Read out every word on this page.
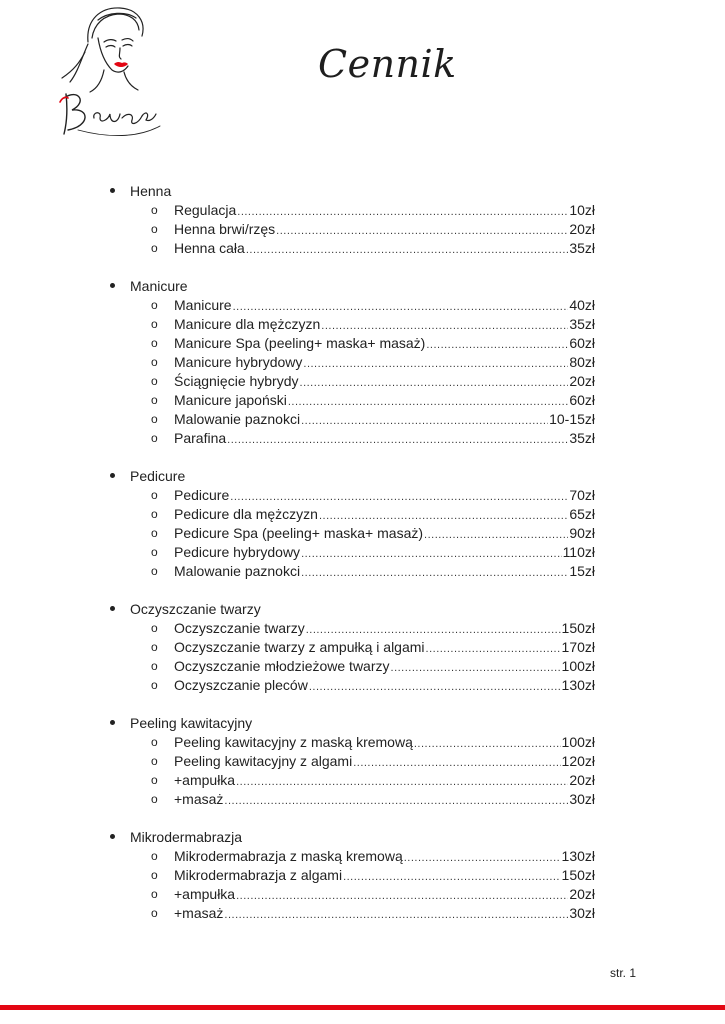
Cennik
Henna
o Regulacja .....	10zł
o Henna brwi/rzęs .....	20zł
o Henna cała .....	35zł
Manicure
o Manicure .....	40zł
o Manicure dla mężczyzn .....	35zł
o Manicure Spa (peeling+ maska+ masaż) .....	60zł
o Manicure hybrydowy .....	80zł
o Ściągnięcie hybrydy .....	20zł
o Manicure japoński .....	60zł
o Malowanie paznokci .....	10-15zł
o Parafina .....	35zł
Pedicure
o Pedicure .....	70zł
o Pedicure dla mężczyzn .....	65zł
o Pedicure Spa (peeling+ maska+ masaż) .....	90zł
o Pedicure hybrydowy .....	110zł
o Malowanie paznokci .....	15zł
Oczyszczanie twarzy
o Oczyszczanie twarzy .....	150zł
o Oczyszczanie twarzy z ampułką i algami .....	170zł
o Oczyszczanie młodzieżowe twarzy .....	100zł
o Oczyszczanie pleców .....	130zł
Peeling kawitacyjny
o Peeling kawitacyjny z maską kremową .....	100zł
o Peeling kawitacyjny z algami .....	120zł
o +ampułka .....	20zł
o +masaż .....	30zł
Mikrodermabrazja
o Mikrodermabrazja z maską kremową .....	130zł
o Mikrodermabrazja z algami .....	150zł
o +ampułka .....	20zł
o +masaż .....	30zł
str. 1
